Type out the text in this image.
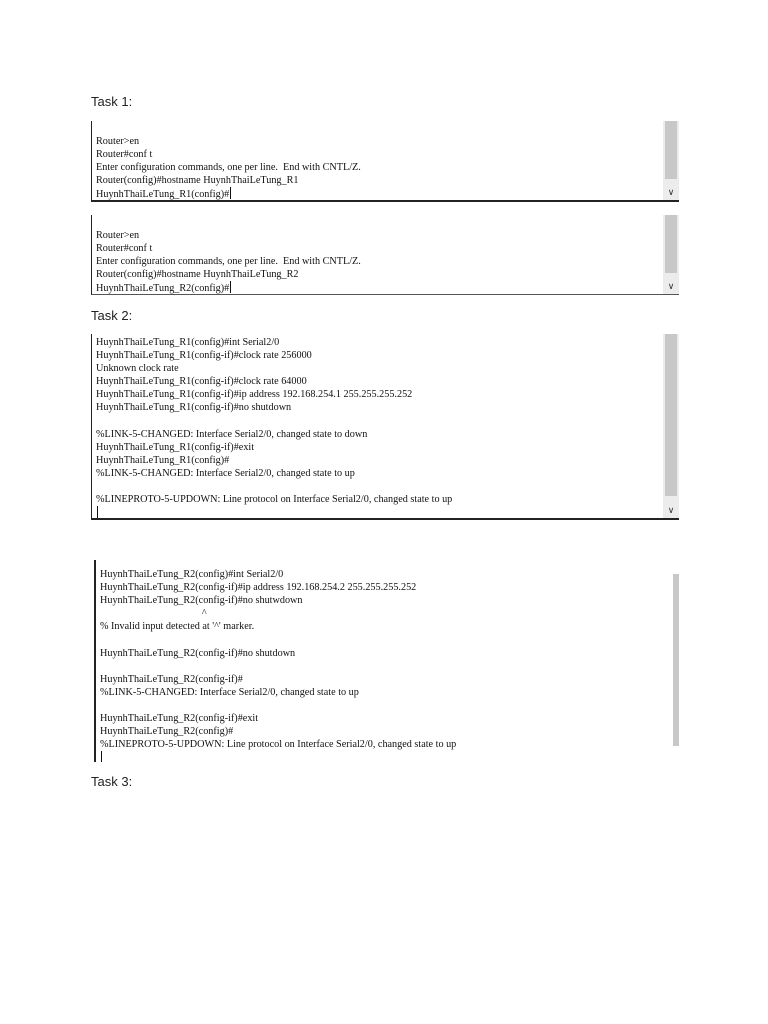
Task 1:

Router>en
Router#conf t
Enter configuration commands, one per line.  End with CNTL/Z.
Router(config)#hostname HuynhThaiLeTung_R1
HuynhThaiLeTung_R1(config)#	∨
Router>en
Router#conf t
Enter configuration commands, one per line.  End with CNTL/Z.
Router(config)#hostname HuynhThaiLeTung_R2
HuynhThaiLeTung_R2(config)#	∨

Task 2:

HuynhThaiLeTung_R1(config)#int Serial2/0
HuynhThaiLeTung_R1(config-if)#clock rate 256000
Unknown clock rate
HuynhThaiLeTung_R1(config-if)#clock rate 64000
HuynhThaiLeTung_R1(config-if)#ip address 192.168.254.1 255.255.255.252
HuynhThaiLeTung_R1(config-if)#no shutdown
%LINK-5-CHANGED: Interface Serial2/0, changed state to down
HuynhThaiLeTung_R1(config-if)#exit
HuynhThaiLeTung_R1(config)#
%LINK-5-CHANGED: Interface Serial2/0, changed state to up
%LINEPROTO-5-UPDOWN: Line protocol on Interface Serial2/0, changed state to up
∨
HuynhThaiLeTung_R2(config)#int Serial2/0
HuynhThaiLeTung_R2(config-if)#ip address 192.168.254.2 255.255.255.252
HuynhThaiLeTung_R2(config-if)#no shutwdown
^
% Invalid input detected at '^' marker.
HuynhThaiLeTung_R2(config-if)#no shutdown
HuynhThaiLeTung_R2(config-if)#
%LINK-5-CHANGED: Interface Serial2/0, changed state to up
HuynhThaiLeTung_R2(config-if)#exit
HuynhThaiLeTung_R2(config)#
%LINEPROTO-5-UPDOWN: Line protocol on Interface Serial2/0, changed state to up

Task 3:
